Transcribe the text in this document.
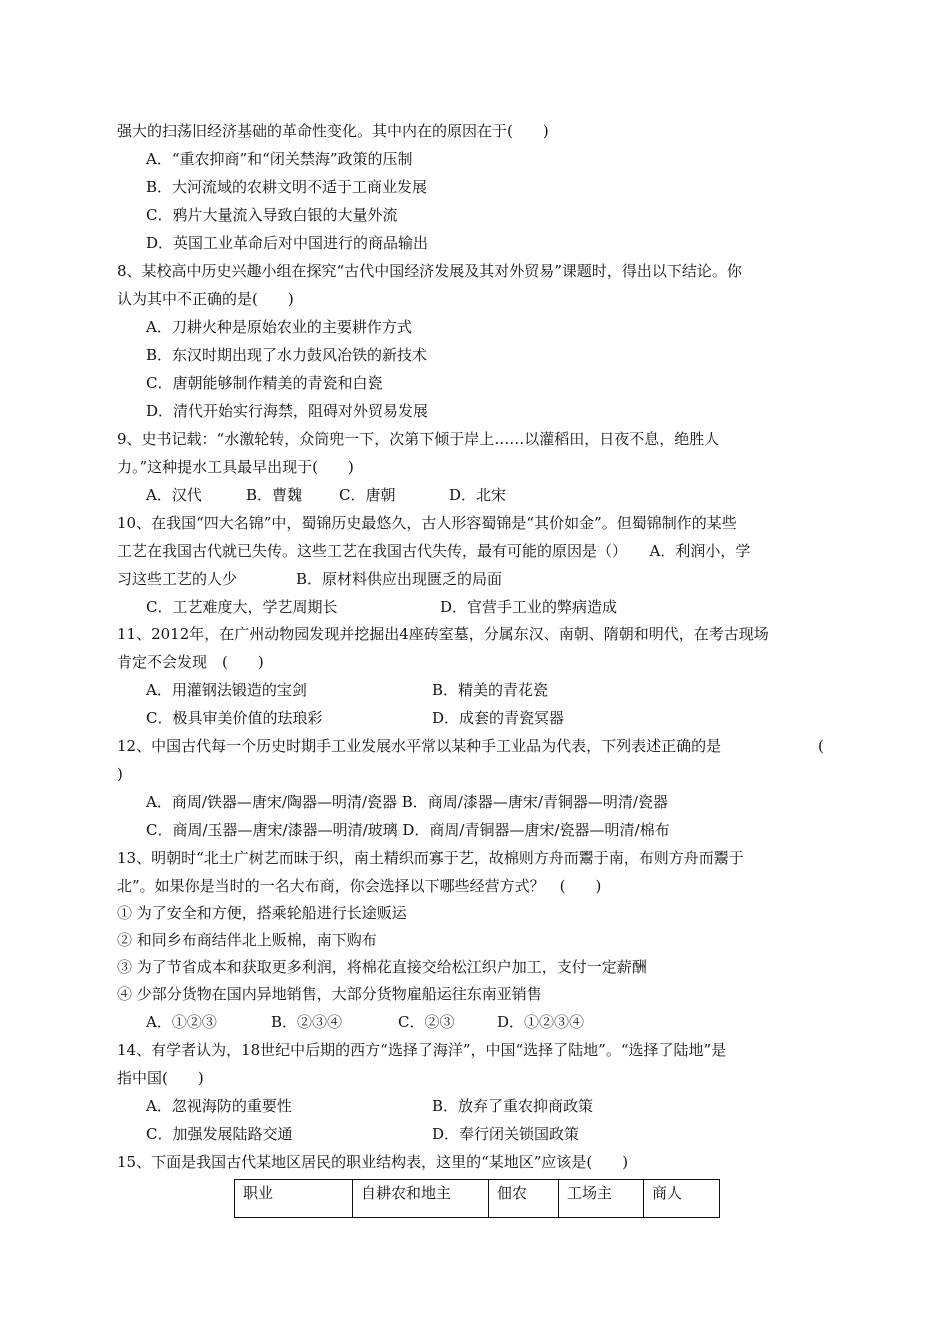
强大的扫荡旧经济基础的革命性变化。其中内在的原因在于(　　)
A．“重农抑商”和“闭关禁海”政策的压制
B．大河流域的农耕文明不适于工商业发展
C．鸦片大量流入导致白银的大量外流
D．英国工业革命后对中国进行的商品输出
8、某校高中历史兴趣小组在探究“古代中国经济发展及其对外贸易”课题时，得出以下结论。你
认为其中不正确的是(　　)
A．刀耕火种是原始农业的主要耕作方式
B．东汉时期出现了水力鼓风冶铁的新技术
C．唐朝能够制作精美的青瓷和白瓷
D．清代开始实行海禁，阻碍对外贸易发展
9、史书记载：“水激轮转，众筒兜一下，次第下倾于岸上……以灌稻田，日夜不息，绝胜人
力。”这种提水工具最早出现于(　　)
A．汉代	B．曹魏 C．唐朝	D．北宋
10、在我国“四大名锦”中，蜀锦历史最悠久，古人形容蜀锦是“其价如金”。但蜀锦制作的某些
工艺在我国古代就已失传。这些工艺在我国古代失传，最有可能的原因是（）　　A．利润小，学
习这些工艺的人少	B．原材料供应出现匮乏的局面
C．工艺难度大，学艺周期长	D．官营手工业的弊病造成
11、2012年，在广州动物园发现并挖掘出4座砖室墓，分属东汉、南朝、隋朝和明代，在考古现场
肯定不会发现　(　　)
A．用灌钢法锻造的宝剑	B．精美的青花瓷
C．极具审美价值的珐琅彩	D．成套的青瓷冥器
12、中国古代每一个历史时期手工业发展水平常以某种手工业品为代表，下列表述正确的是	(
)
A．商周/铁器—唐宋/陶器—明清/瓷器 B．商周/漆器—唐宋/青铜器—明清/瓷器
C．商周/玉器—唐宋/漆器—明清/玻璃 D．商周/青铜器—唐宋/瓷器—明清/棉布
13、明朝时“北土广树艺而昧于织，南土精织而寡于艺，故棉则方舟而鬻于南，布则方舟而鬻于
北”。如果你是当时的一名大布商，你会选择以下哪些经营方式？　(　　)
① 为了安全和方便，搭乘轮船进行长途贩运
② 和同乡布商结伴北上贩棉，南下购布
③ 为了节省成本和获取更多利润，将棉花直接交给松江织户加工，支付一定薪酬
④ 少部分货物在国内异地销售，大部分货物雇船运往东南亚销售
A．①②③	B．②③④	C．②③	D．①②③④
14、有学者认为，18世纪中后期的西方“选择了海洋”，中国“选择了陆地”。“选择了陆地”是
指中国(　　)
A．忽视海防的重要性	B．放弃了重农抑商政策
C．加强发展陆路交通	D．奉行闭关锁国政策
15、下面是我国古代某地区居民的职业结构表，这里的“某地区”应该是(　　)
职业	自耕农和地主	佃农	工场主	商人
